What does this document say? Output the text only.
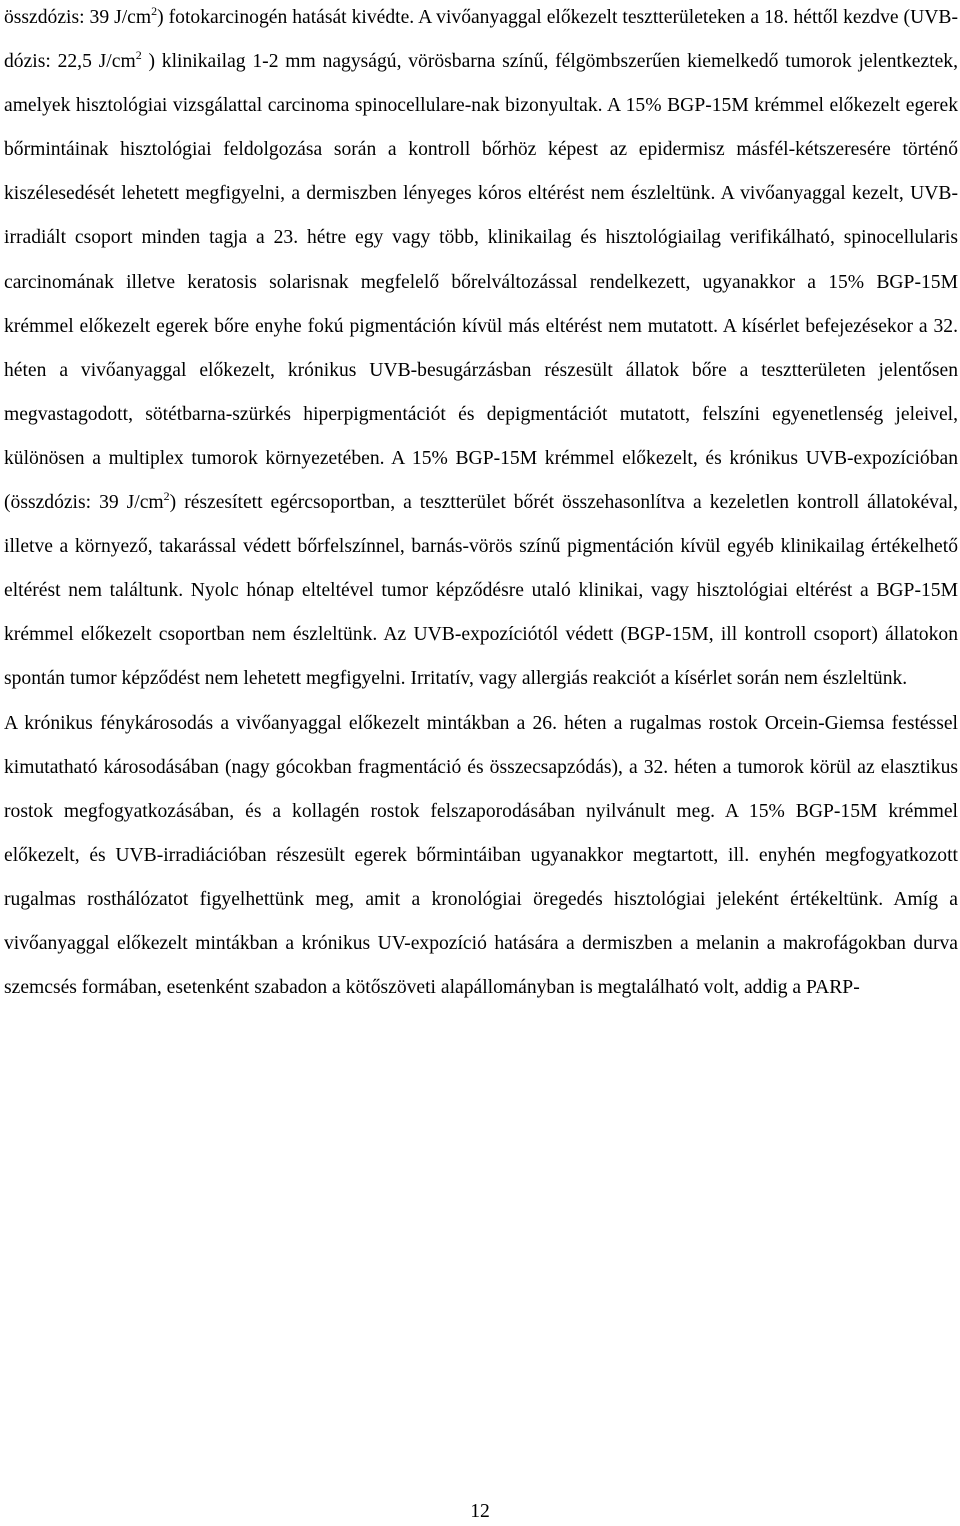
összdózis: 39 $J/cm^2$) fotokarcinogén hatását kivédte. A vivőanyaggal előkezelt tesztterületeken a 18. héttől kezdve (UVB-dózis: 22,5 $J/cm^2$ ) klinikailag 1-2 mm nagyságú, vörösbarna színű, félgömbszerűen kiemelkedő tumorok jelentkeztek, amelyek hisztológiai vizsgálattal carcinoma spinocellulare-nak bizonyultak. A 15% BGP-15M krémmel előkezelt egerek bőrmintáinak hisztológiai feldolgozása során a kontroll bőrhöz képest az epidermisz másfél-kétszeresére történő kiszélesedését lehetett megfigyelni, a dermiszben lényeges kóros eltérést nem észleltünk. A vivőanyaggal kezelt, UVB-irradiált csoport minden tagja a 23. hétre egy vagy több, klinikailag és hisztológiailag verifikálható, spinocellularis carcinomának illetve keratosis solarisnak megfelelő bőrelváltozással rendelkezett, ugyanakkor a 15% BGP-15M krémmel előkezelt egerek bőre enyhe fokú pigmentáción kívül más eltérést nem mutatott. A kísérlet befejezésekor a 32. héten a vivőanyaggal előkezelt, krónikus UVB-besugárzásban részesült állatok bőre a tesztterületen jelentősen megvastagodott, sötétbarna-szürkés hiperpigmentációt és depigmentációt mutatott, felszíni egyenetlenség jeleivel, különösen a multiplex tumorok környezetében. A 15% BGP-15M krémmel előkezelt, és krónikus UVB-expozícióban (összdózis: 39 $J/cm^2$) részesített egércsoportban, a tesztterület bőrét összehasonlítva a kezeletlen kontroll állatokéval, illetve a környező, takarással védett bőrfelszínnel, barnás-vörös színű pigmentáción kívül egyéb klinikailag értékelhető eltérést nem találtunk. Nyolc hónap elteltével tumor képződésre utaló klinikai, vagy hisztológiai eltérést a BGP-15M krémmel előkezelt csoportban nem észleltünk. Az UVB-expozíciótól védett (BGP-15M, ill kontroll csoport) állatokon spontán tumor képződést nem lehetett megfigyelni. Irritatív, vagy allergiás reakciót a kísérlet során nem észleltünk.

A krónikus fénykárosodás a vivőanyaggal előkezelt mintákban a 26. héten a rugalmas rostok Orcein-Giemsa festéssel kimutatható károsodásában (nagy gócokban fragmentáció és összecsapzódás), a 32. héten a tumorok körül az elasztikus rostok megfogyatkozásában, és a kollagén rostok felszaporodásában nyilvánult meg. A 15% BGP-15M krémmel előkezelt, és UVB-irradiációban részesült egerek bőrmintáiban ugyanakkor megtartott, ill. enyhén megfogyatkozott rugalmas rosthálózatot figyelhettünk meg, amit a kronológiai öregedés hisztológiai jeleként értékeltünk. Amíg a vivőanyaggal előkezelt mintákban a krónikus UV-expozíció hatására a dermiszben a melanin a makrofágokban durva szemcsés formában, esetenként szabadon a kötőszöveti alapállományban is megtalálható volt, addig a PARP-

12
